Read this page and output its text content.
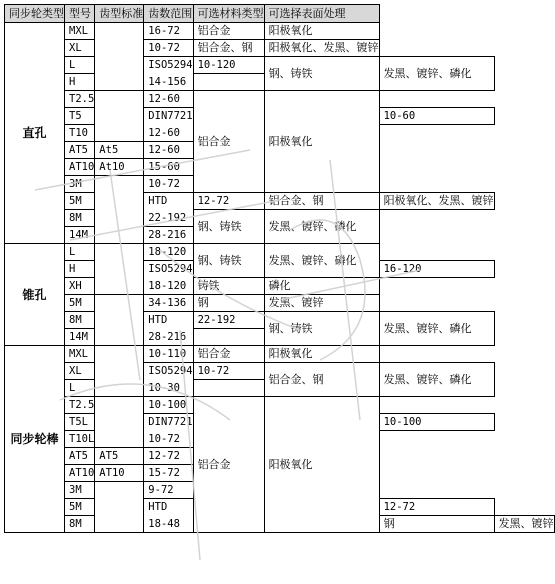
同步轮类型	型号	齿型标准	齿数范围	可选材料类型	可选择表面处理		
直孔	MXL		16-72	铝合金	阳极氧化		
	XL		10-72	铝合金、钢	阳极氧化、发黑、镀锌		
	L		ISO5294	10-120	钢、铸铁	发黑、镀锌、磷化	
	H		14-156				
	T2.5		12-60	铝合金	阳极氧化		
	T5		DIN7721			10-60	
	T10		12-60				
	AT5	At5	12-60				
	AT10	At10	15-60				
	3M		10-72				
	5M		HTD	12-72	铝合金、钢	阳极氧化、发黑、镀锌	
	8M		22-192	钢、铸铁	发黑、镀锌、磷化		
	14M		28-216				
锥孔	L		18-120	钢、铸铁	发黑、镀锌、磷化		
	H		ISO5294			16-120	
	XH		18-120	铸铁	磷化		
	5M		34-136	钢	发黑、镀锌		
	8M		HTD	22-192	钢、铸铁	发黑、镀锌、磷化	
	14M		28-216				
同步轮棒	MXL		10-110	铝合金	阳极氧化		
	XL		ISO5294	10-72	铝合金、钢	发黑、镀锌、磷化	
	L		10-30				
	T2.5		10-100	铝合金	阳极氧化		
	T5L		DIN7721			10-100	
	T10L		10-72				
	AT5	AT5	12-72				
	AT10	AT10	15-72				
	3M		9-72				
	5M		HTD			12-72	
	8M		18-48			钢	发黑、镀锌
